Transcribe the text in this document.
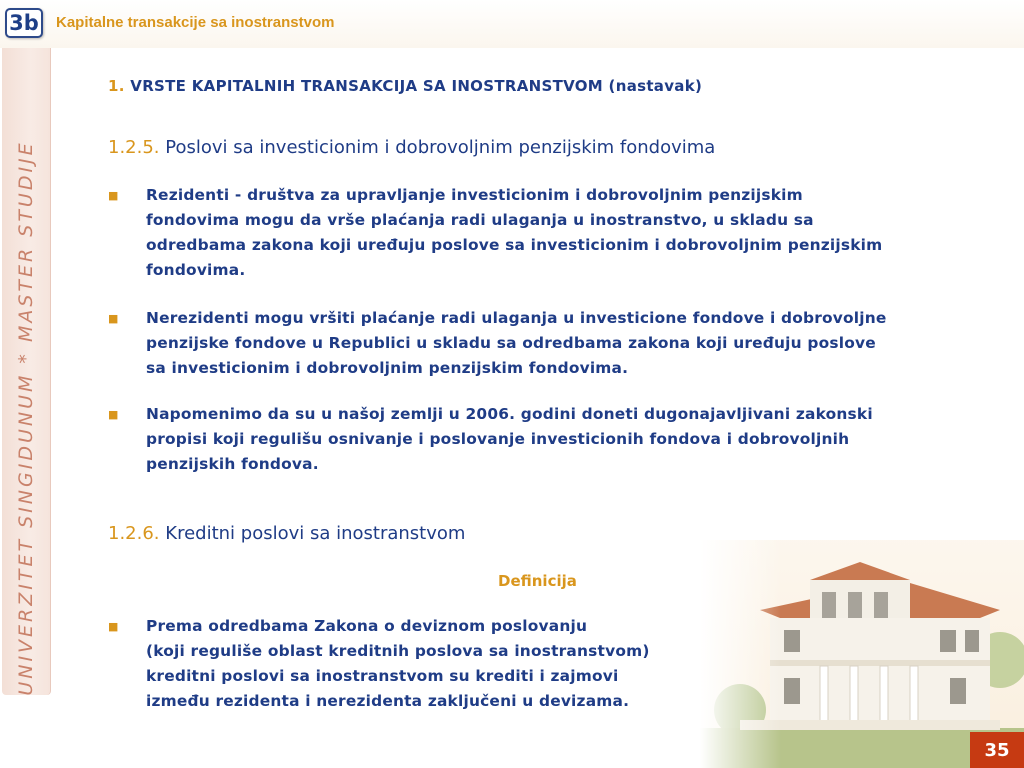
3b Kapitalne transakcije sa inostranstvom
UNIVERZITET SINGIDUNUM * MASTER STUDIJE
1. VRSTE KAPITALNIH TRANSAKCIJA SA INOSTRANSTVOM (nastavak)
1.2.5. Poslovi sa investicionim i dobrovoljnim penzijskim fondovima
■ Rezidenti - društva za upravljanje investicionim i dobrovoljnim penzijskim
fondovima mogu da vrše plaćanja radi ulaganja u inostranstvo, u skladu sa
odredbama zakona koji uređuju poslove sa investicionim i dobrovoljnim penzijskim
fondovima.
■ Nerezidenti mogu vršiti plaćanje radi ulaganja u investicione fondove i dobrovoljne
penzijske fondove u Republici u skladu sa odredbama zakona koji uređuju poslove
sa investicionim i dobrovoljnim penzijskim fondovima.
■ Napomenimo da su u našoj zemlji u 2006. godini doneti dugonajavljivani zakonski
propisi koji regulišu osnivanje i poslovanje investicionih fondova i dobrovoljnih
penzijskih fondova.
1.2.6. Kreditni poslovi sa inostranstvom
Definicija
■ Prema odredbama Zakona o deviznom poslovanju
(koji reguliše oblast kreditnih poslova sa inostranstvom)
kreditni poslovi sa inostranstvom su krediti i zajmovi
između rezidenta i nerezidenta zaključeni u devizama.
35
